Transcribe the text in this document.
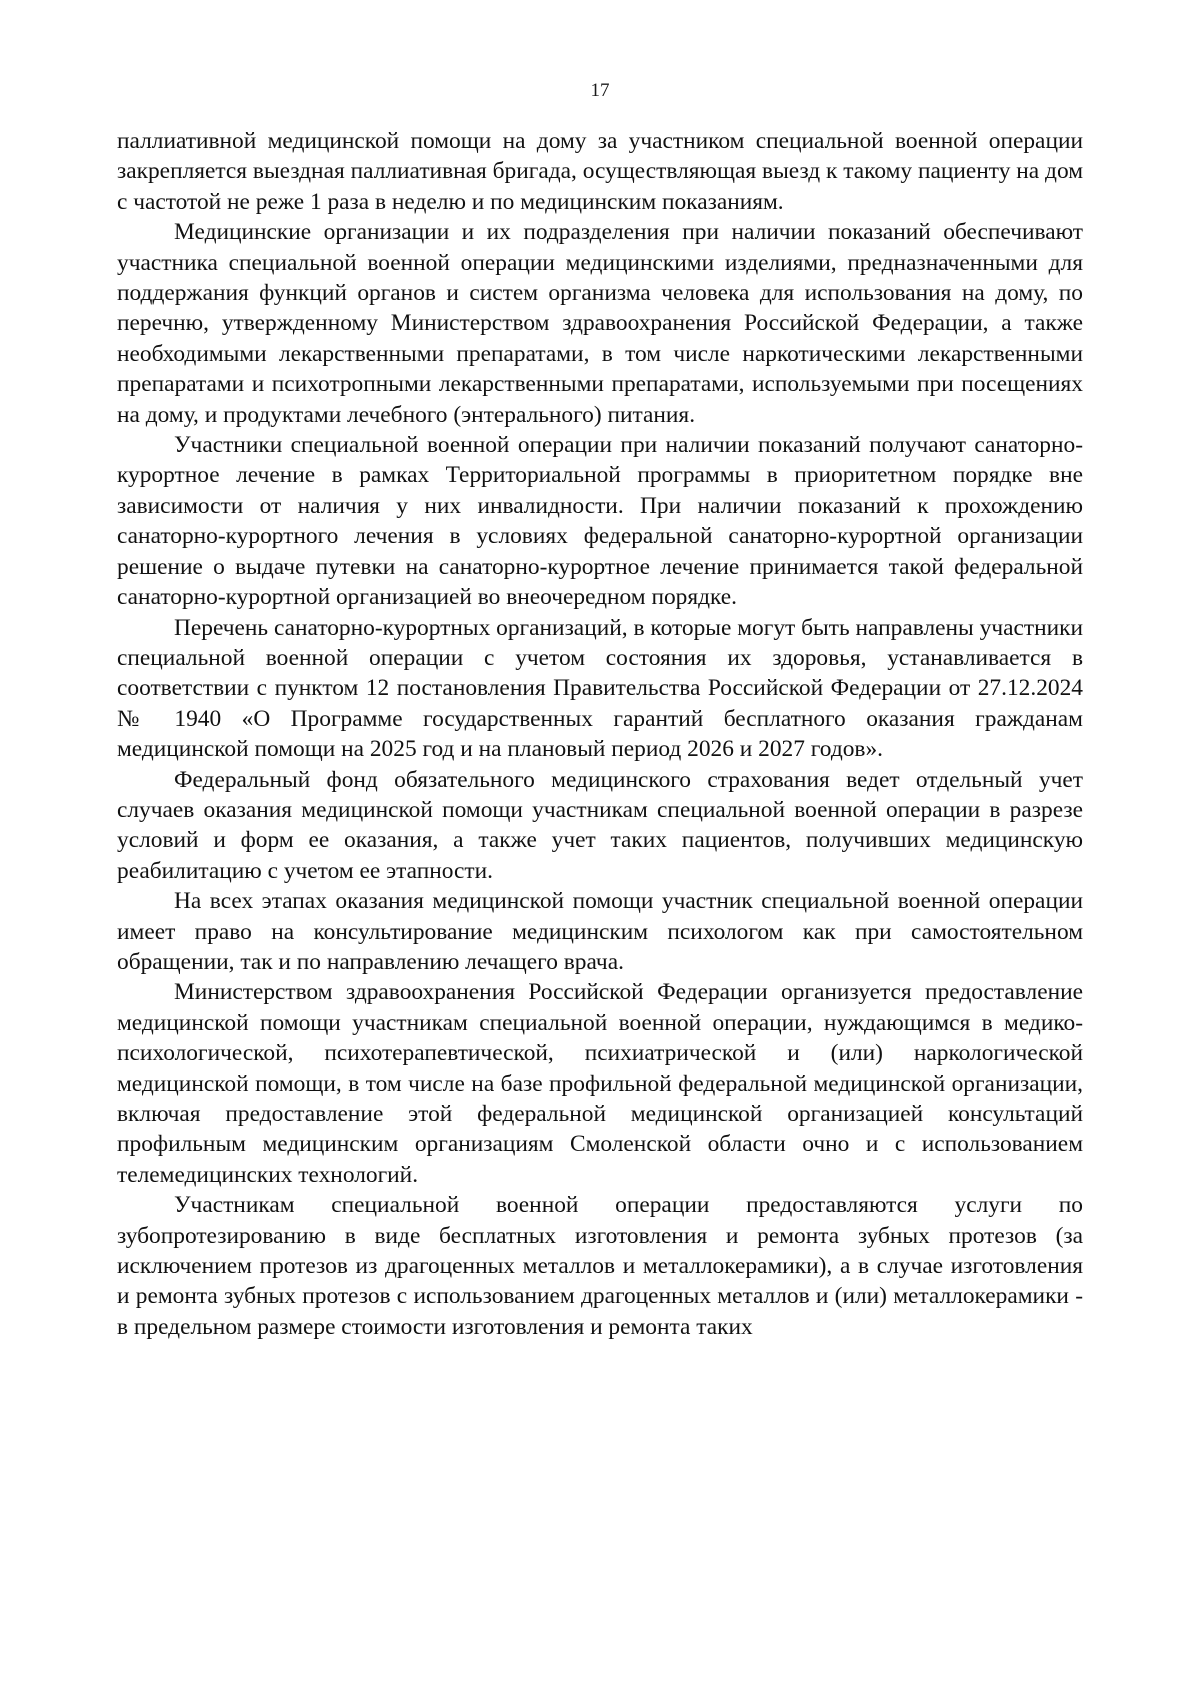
17

паллиативной медицинской помощи на дому за участником специальной военной операции закрепляется выездная паллиативная бригада, осуществляющая выезд к такому пациенту на дом с частотой не реже 1 раза в неделю и по медицинским показаниям.

Медицинские организации и их подразделения при наличии показаний обеспечивают участника специальной военной операции медицинскими изделиями, предназначенными для поддержания функций органов и систем организма человека для использования на дому, по перечню, утвержденному Министерством здравоохранения Российской Федерации, а также необходимыми лекарственными препаратами, в том числе наркотическими лекарственными препаратами и психотропными лекарственными препаратами, используемыми при посещениях на дому, и продуктами лечебного (энтерального) питания.

Участники специальной военной операции при наличии показаний получают санаторно-курортное лечение в рамках Территориальной программы в приоритетном порядке вне зависимости от наличия у них инвалидности. При наличии показаний к прохождению санаторно-курортного лечения в условиях федеральной санаторно-курортной организации решение о выдаче путевки на санаторно-курортное лечение принимается такой федеральной санаторно-курортной организацией во внеочередном порядке.

Перечень санаторно-курортных организаций, в которые могут быть направлены участники специальной военной операции с учетом состояния их здоровья, устанавливается в соответствии с пунктом 12 постановления Правительства Российской Федерации от 27.12.2024 № 1940 «О Программе государственных гарантий бесплатного оказания гражданам медицинской помощи на 2025 год и на плановый период 2026 и 2027 годов».

Федеральный фонд обязательного медицинского страхования ведет отдельный учет случаев оказания медицинской помощи участникам специальной военной операции в разрезе условий и форм ее оказания, а также учет таких пациентов, получивших медицинскую реабилитацию с учетом ее этапности.

На всех этапах оказания медицинской помощи участник специальной военной операции имеет право на консультирование медицинским психологом как при самостоятельном обращении, так и по направлению лечащего врача.

Министерством здравоохранения Российской Федерации организуется предоставление медицинской помощи участникам специальной военной операции, нуждающимся в медико-психологической, психотерапевтической, психиатрической и (или) наркологической медицинской помощи, в том числе на базе профильной федеральной медицинской организации, включая предоставление этой федеральной медицинской организацией консультаций профильным медицинским организациям Смоленской области очно и с использованием телемедицинских технологий.

Участникам специальной военной операции предоставляются услуги по зубопротезированию в виде бесплатных изготовления и ремонта зубных протезов (за исключением протезов из драгоценных металлов и металлокерамики), а в случае изготовления и ремонта зубных протезов с использованием драгоценных металлов и (или) металлокерамики - в предельном размере стоимости изготовления и ремонта таких
